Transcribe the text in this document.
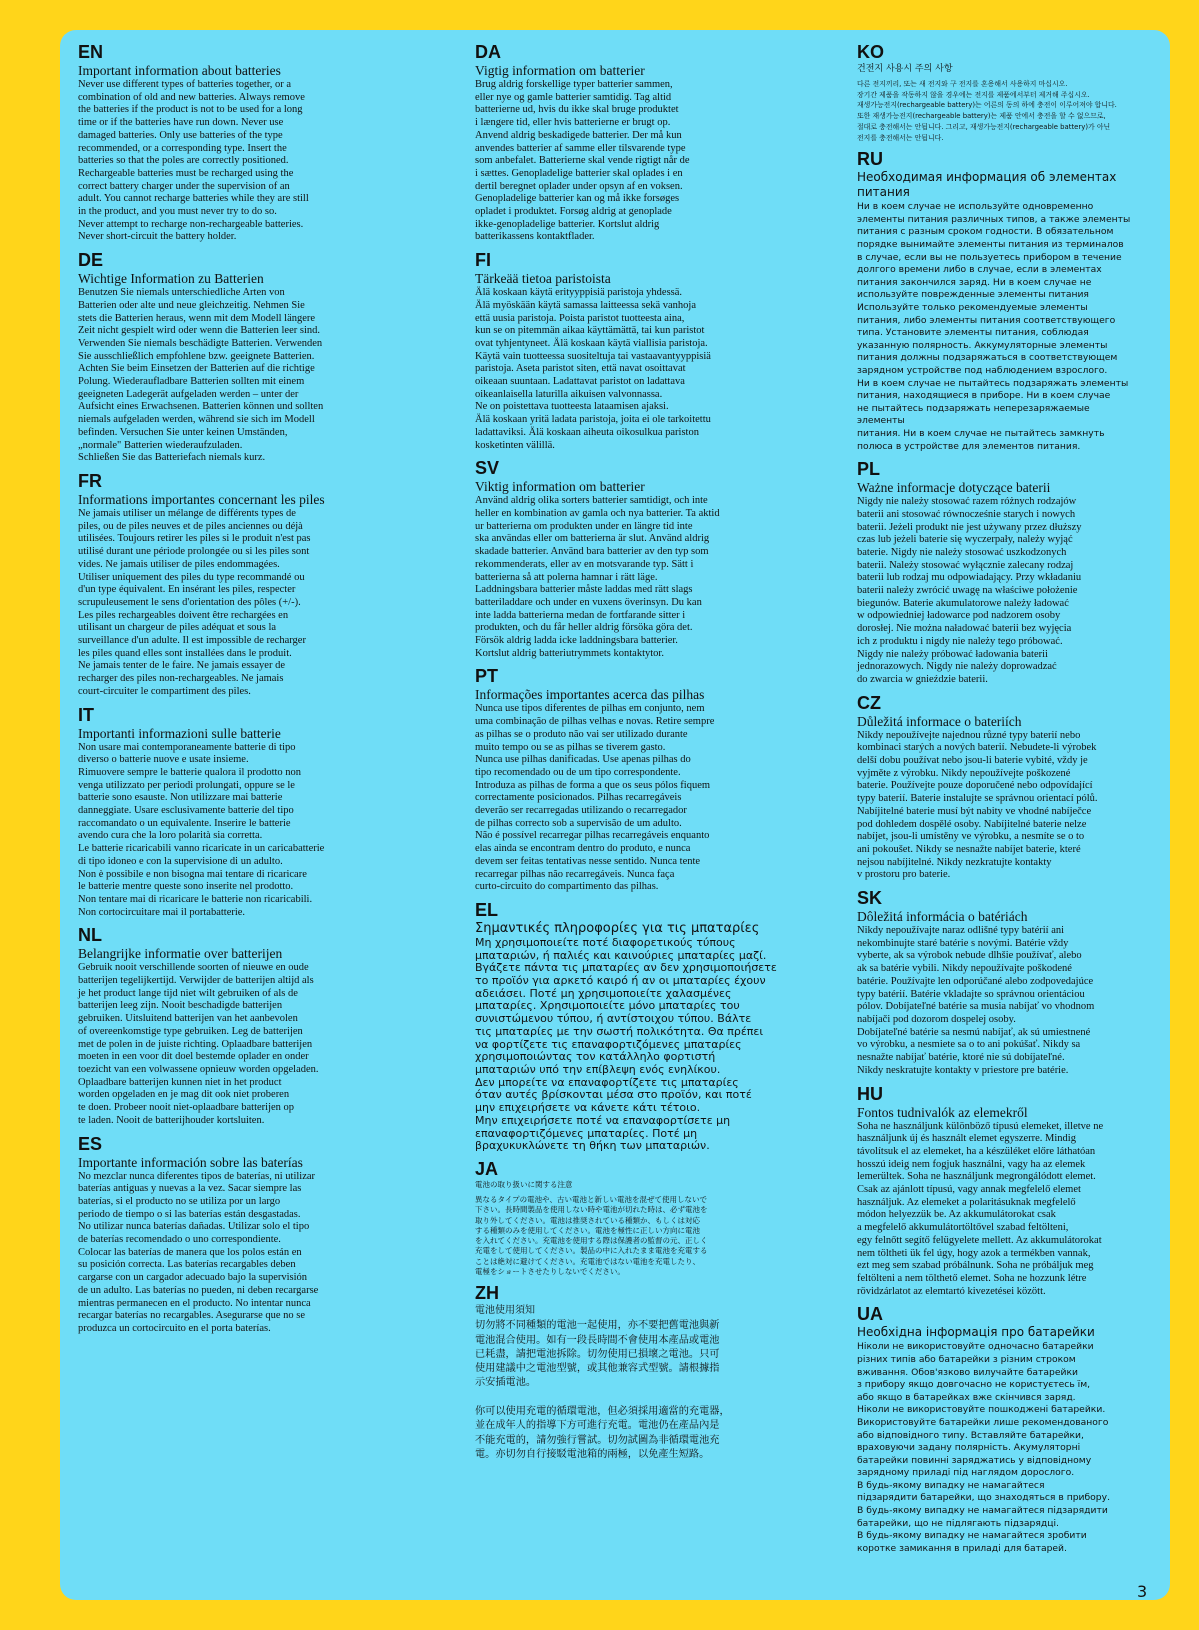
EN
Important information about batteries
Never use different types of batteries together, or a
combination of old and new batteries. Always remove
the batteries if the product is not to be used for a long
time or if the batteries have run down. Never use
damaged batteries. Only use batteries of the type
recommended, or a corresponding type. Insert the
batteries so that the poles are correctly positioned.
Rechargeable batteries must be recharged using the
correct battery charger under the supervision of an
adult. You cannot recharge batteries while they are still
in the product, and you must never try to do so.
Never attempt to recharge non-rechargeable batteries.
Never short-circuit the battery holder.
DE
Wichtige Information zu Batterien
Benutzen Sie niemals unterschiedliche Arten von
Batterien oder alte und neue gleichzeitig. Nehmen Sie
stets die Batterien heraus, wenn mit dem Modell längere
Zeit nicht gespielt wird oder wenn die Batterien leer sind.
Verwenden Sie niemals beschädigte Batterien. Verwenden
Sie ausschließlich empfohlene bzw. geeignete Batterien.
Achten Sie beim Einsetzen der Batterien auf die richtige
Polung. Wiederaufladbare Batterien sollten mit einem
geeigneten Ladegerät aufgeladen werden – unter der
Aufsicht eines Erwachsenen. Batterien können und sollten
niemals aufgeladen werden, während sie sich im Modell
befinden. Versuchen Sie unter keinen Umständen,
„normale" Batterien wiederaufzuladen.
Schließen Sie das Batteriefach niemals kurz.
FR
Informations importantes concernant les piles
Ne jamais utiliser un mélange de différents types de
piles, ou de piles neuves et de piles anciennes ou déjà
utilisées. Toujours retirer les piles si le produit n'est pas
utilisé durant une période prolongée ou si les piles sont
vides. Ne jamais utiliser de piles endommagées.
Utiliser uniquement des piles du type recommandé ou
d'un type équivalent. En insérant les piles, respecter
scrupuleusement le sens d'orientation des pôles (+/-).
Les piles rechargeables doivent être rechargées en
utilisant un chargeur de piles adéquat et sous la
surveillance d'un adulte. Il est impossible de recharger
les piles quand elles sont installées dans le produit.
Ne jamais tenter de le faire. Ne jamais essayer de
recharger des piles non-rechargeables. Ne jamais
court-circuiter le compartiment des piles.
IT
Importanti informazioni sulle batterie
Non usare mai contemporaneamente batterie di tipo
diverso o batterie nuove e usate insieme.
Rimuovere sempre le batterie qualora il prodotto non
venga utilizzato per periodi prolungati, oppure se le
batterie sono esauste. Non utilizzare mai batterie
danneggiate. Usare esclusivamente batterie del tipo
raccomandato o un equivalente. Inserire le batterie
avendo cura che la loro polarità sia corretta.
Le batterie ricaricabili vanno ricaricate in un caricabatterie
di tipo idoneo e con la supervisione di un adulto.
Non è possibile e non bisogna mai tentare di ricaricare
le batterie mentre queste sono inserite nel prodotto.
Non tentare mai di ricaricare le batterie non ricaricabili.
Non cortocircuitare mai il portabatterie.
NL
Belangrijke informatie over batterijen
Gebruik nooit verschillende soorten of nieuwe en oude
batterijen tegelijkertijd. Verwijder de batterijen altijd als
je het product lange tijd niet wilt gebruiken of als de
batterijen leeg zijn. Nooit beschadigde batterijen
gebruiken. Uitsluitend batterijen van het aanbevolen
of overeenkomstige type gebruiken. Leg de batterijen
met de polen in de juiste richting. Oplaadbare batterijen
moeten in een voor dit doel bestemde oplader en onder
toezicht van een volwassene opnieuw worden opgeladen.
Oplaadbare batterijen kunnen niet in het product
worden opgeladen en je mag dit ook niet proberen
te doen. Probeer nooit niet-oplaadbare batterijen op
te laden. Nooit de batterijhouder kortsluiten.
ES
Importante información sobre las baterías
No mezclar nunca diferentes tipos de baterías, ni utilizar
baterías antiguas y nuevas a la vez. Sacar siempre las
baterías, si el producto no se utiliza por un largo
periodo de tiempo o si las baterías están desgastadas.
No utilizar nunca baterías dañadas. Utilizar solo el tipo
de baterías recomendado o uno correspondiente.
Colocar las baterías de manera que los polos están en
su posición correcta. Las baterías recargables deben
cargarse con un cargador adecuado bajo la supervisión
de un adulto. Las baterías no pueden, ni deben recargarse
mientras permanecen en el producto. No intentar nunca
recargar baterías no recargables. Asegurarse que no se
produzca un cortocircuito en el porta baterías.
DA
Vigtig information om batterier
Brug aldrig forskellige typer batterier sammen,
eller nye og gamle batterier samtidig. Tag altid
batterierne ud, hvis du ikke skal bruge produktet
i længere tid, eller hvis batterierne er brugt op.
Anvend aldrig beskadigede batterier. Der må kun
anvendes batterier af samme eller tilsvarende type
som anbefalet. Batterierne skal vende rigtigt når de
i sættes. Genopladelige batterier skal oplades i en
dertil beregnet oplader under opsyn af en voksen.
Genopladelige batterier kan og må ikke forsøges
opladet i produktet. Forsøg aldrig at genoplade
ikke-genopladelige batterier. Kortslut aldrig
batterikassens kontaktflader.
FI
Tärkeää tietoa paristoista
Älä koskaan käytä erityyppisiä paristoja yhdessä.
Älä myöskään käytä samassa laitteessa sekä vanhoja
että uusia paristoja. Poista paristot tuotteesta aina,
kun se on pitemmän aikaa käyttämättä, tai kun paristot
ovat tyhjentyneet. Älä koskaan käytä viallisia paristoja.
Käytä vain tuotteessa suositeltuja tai vastaavantyyppisiä
paristoja. Aseta paristot siten, että navat osoittavat
oikeaan suuntaan. Ladattavat paristot on ladattava
oikeanlaisella laturilla aikuisen valvonnassa.
Ne on poistettava tuotteesta lataamisen ajaksi.
Älä koskaan yritä ladata paristoja, joita ei ole tarkoitettu
ladattaviksi. Älä koskaan aiheuta oikosulkua pariston
kosketinten välillä.
SV
Viktig information om batterier
Använd aldrig olika sorters batterier samtidigt, och inte
heller en kombination av gamla och nya batterier. Ta aktid
ur batterierna om produkten under en längre tid inte
ska användas eller om batterierna är slut. Använd aldrig
skadade batterier. Använd bara batterier av den typ som
rekommenderats, eller av en motsvarande typ. Sätt i
batterierna så att polerna hamnar i rätt läge.
Laddningsbara batterier måste laddas med rätt slags
batteriladdare och under en vuxens överinsyn. Du kan
inte ladda batterierna medan de fortfarande sitter i
produkten, och du får heller aldrig försöka göra det.
Försök aldrig ladda icke laddningsbara batterier.
Kortslut aldrig batteriutrymmets kontaktytor.
PT
Informações importantes acerca das pilhas
Nunca use tipos diferentes de pilhas em conjunto, nem
uma combinação de pilhas velhas e novas. Retire sempre
as pilhas se o produto não vai ser utilizado durante
muito tempo ou se as pilhas se tiverem gasto.
Nunca use pilhas danificadas. Use apenas pilhas do
tipo recomendado ou de um tipo correspondente.
Introduza as pilhas de forma a que os seus pólos fiquem
correctamente posicionados. Pilhas recarregáveis
deverão ser recarregadas utilizando o recarregador
de pilhas correcto sob a supervisão de um adulto.
Não é possível recarregar pilhas recarregáveis enquanto
elas ainda se encontram dentro do produto, e nunca
devem ser feitas tentativas nesse sentido. Nunca tente
recarregar pilhas não recarregáveis. Nunca faça
curto-circuito do compartimento das pilhas.
EL
Σημαντικές πληροφορίες για τις μπαταρίες
Μη χρησιμοποιείτε ποτέ διαφορετικούς τύπους
μπαταριών, ή παλιές και καινούριες μπαταρίες μαζί.
Βγάζετε πάντα τις μπαταρίες αν δεν χρησιμοποιήσετε
το προϊόν για αρκετό καιρό ή αν οι μπαταρίες έχουν
αδειάσει. Ποτέ μη χρησιμοποιείτε χαλασμένες
μπαταρίες. Χρησιμοποιείτε μόνο μπαταρίες του
συνιστώμενου τύπου, ή αντίστοιχου τύπου. Βάλτε
τις μπαταρίες με την σωστή πολικότητα. Θα πρέπει
να φορτίζετε τις επαναφορτιζόμενες μπαταρίες
χρησιμοποιώντας τον κατάλληλο φορτιστή
μπαταριών υπό την επίβλεψη ενός ενηλίκου.
Δεν μπορείτε να επαναφορτίζετε τις μπαταρίες
όταν αυτές βρίσκονται μέσα στο προϊόν, και ποτέ
μην επιχειρήσετε να κάνετε κάτι τέτοιο.
Μην επιχειρήσετε ποτέ να επαναφορτίσετε μη
επαναφορτιζόμενες μπαταρίες. Ποτέ μη
βραχυκυκλώνετε τη θήκη των μπαταριών.
JA
電池の取り扱いに関する注意
異なるタイプの電池や、古い電池と新しい電池を混ぜて使用しないで
下さい。長時間製品を使用しない時や電池が切れた時は、必ず電池を
取り外してください。電池は推奨されている種類か、もしくは対応
する種類のみを使用してください。電池を極性に正しい方向に電池
を入れてください。充電池を使用する際は保護者の監督の元、正しく
充電をして使用してください。製品の中に入れたまま電池を充電する
ことは絶対に避けてください。充電池ではない電池を充電したり、
電極をショートさせたりしないでください。
ZH
電池使用須知
切勿將不同種類的電池一起使用，亦不要把舊電池與新
電池混合使用。如有一段長時間不會使用本產品或電池
已耗盡，請把電池拆除。切勿使用已損壞之電池。只可
使用建議中之電池型號，或其他兼容式型號。請根據指
示安插電池。

你可以使用充電的循環電池，但必須採用適當的充電器，
並在成年人的指導下方可進行充電。電池仍在產品內是
不能充電的，請勿強行嘗試。切勿試圖為非循環電池充
電。亦切勿自行接駁電池箱的兩極，以免產生短路。
KO
건전지 사용시 주의 사항
다른 전지끼리, 또는 새 전지와 구 전지를 혼용해서 사용하지 마십시오.
장기간 제품을 작동하지 않을 경우에는 전지를 제품에서부터 제거해 주십시오.
재생가능전지(rechargeable battery)는 어른의 동의 하에 충전이 이루어져야 합니다.
또한 재생가능전지(rechargeable battery)는 제품 안에서 충전을 할 수 없으므로,
절대로 충전해서는 안됩니다. 그리고, 재생가능전지(rechargeable battery)가 아닌
전지를 충전해서는 안됩니다.
RU
Необходимая информация об элементах питания
Ни в коем случае не используйте одновременно
элементы питания различных типов, а также элементы
питания с разным сроком годности. В обязательном
порядке вынимайте элементы питания из терминалов
в случае, если вы не пользуетесь прибором в течение
долгого времени либо в случае, если в элементах
питания закончился заряд. Ни в коем случае не
используйте поврежденные элементы питания
Используйте только рекомендуемые элементы
питания, либо элементы питания соответствующего
типа. Установите элементы питания, соблюдая
указанную полярность. Аккумуляторные элементы
питания должны подзаряжаться в соответствующем
зарядном устройстве под наблюдением взрослого.
Ни в коем случае не пытайтесь подзаряжать элементы
питания, находящиеся в приборе. Ни в коем случае
не пытайтесь подзаряжать неперезаряжаемые элементы
питания. Ни в коем случае не пытайтесь замкнуть
полюса в устройстве для элементов питания.
PL
Ważne informacje dotyczące baterii
Nigdy nie należy stosować razem różnych rodzajów
baterii ani stosować równocześnie starych i nowych
baterii. Jeżeli produkt nie jest używany przez dłuższy
czas lub jeżeli baterie się wyczerpały, należy wyjąć
baterie. Nigdy nie należy stosować uszkodzonych
baterii. Należy stosować wyłącznie zalecany rodzaj
baterii lub rodzaj mu odpowiadający. Przy wkładaniu
baterii należy zwrócić uwagę na właściwe położenie
biegunów. Baterie akumulatorowe należy ładować
w odpowiedniej ładowarce pod nadzorem osoby
dorosłej. Nie można naładować baterii bez wyjęcia
ich z produktu i nigdy nie należy tego próbować.
Nigdy nie należy próbować ładowania baterii
jednorazowych. Nigdy nie należy doprowadzać
do zwarcia w gnieździe baterii.
CZ
Důležitá informace o bateriích
Nikdy nepoužívejte najednou různé typy baterií nebo
kombinaci starých a nových baterií. Nebudete-li výrobek
delší dobu používat nebo jsou-li baterie vybité, vždy je
vyjměte z výrobku. Nikdy nepoužívejte poškozené
baterie. Používejte pouze doporučené nebo odpovídající
typy baterií. Baterie instalujte se správnou orientací pólů.
Nabíjitelné baterie musí být nabity ve vhodné nabíječce
pod dohledem dospělé osoby. Nabíjitelné baterie nelze
nabíjet, jsou-li umístěny ve výrobku, a nesmíte se o to
ani pokoušet. Nikdy se nesnažte nabíjet baterie, které
nejsou nabíjitelné. Nikdy nezkratujte kontakty
v prostoru pro baterie.
SK
Dôležitá informácia o batériách
Nikdy nepoužívajte naraz odlišné typy batérií ani
nekombinujte staré batérie s novými. Batérie vždy
vyberte, ak sa výrobok nebude dlhšie používať, alebo
ak sa batérie vybili. Nikdy nepoužívajte poškodené
batérie. Používajte len odporúčané alebo zodpovedajúce
typy batérií. Batérie vkladajte so správnou orientáciou
pólov. Dobíjateľné batérie sa musia nabíjať vo vhodnom
nabíjači pod dozorom dospelej osoby.
Dobíjateľné batérie sa nesmú nabíjať, ak sú umiestnené
vo výrobku, a nesmiete sa o to ani pokúšať. Nikdy sa
nesnažte nabíjať batérie, ktoré nie sú dobíjateľné.
Nikdy neskratujte kontakty v priestore pre batérie.
HU
Fontos tudnivalók az elemekről
Soha ne használjunk különböző típusú elemeket, illetve ne
használjunk új és használt elemet egyszerre. Mindig
távolítsuk el az elemeket, ha a készüléket előre láthatóan
hosszú ideig nem fogjuk használni, vagy ha az elemek
lemerültek. Soha ne használjunk megrongálódott elemet.
Csak az ajánlott típusú, vagy annak megfelelő elemet
használjuk. Az elemeket a polaritásuknak megfelelő
módon helyezzük be. Az akkumulátorokat csak
a megfelelő akkumulátortöltővel szabad feltölteni,
egy felnőtt segítő felügyelete mellett. Az akkumulátorokat
nem töltheti ük fel úgy, hogy azok a termékben vannak,
ezt meg sem szabad próbálnunk. Soha ne próbáljuk meg
feltölteni a nem tölthető elemet. Soha ne hozzunk létre
rövidzárlatot az elemtartó kivezetései között.
UA
Необхідна інформація про батарейки
Ніколи не використовуйте одночасно батарейки
різних типів або батарейки з різним строком
вживання. Обов'язково вилучайте батарейки
з прибору якщо довгочасно не користуєтесь їм,
або якщо в батарейках вже скінчився заряд.
Ніколи не використовуйте пошкоджені батарейки.
Використовуйте батарейки лише рекомендованого
або відповідного типу. Вставляйте батарейки,
враховуючи задану полярність. Акумуляторні
батарейки повинні заряджатись у відповідному
зарядному приладі під наглядом дорослого.
В будь-якому випадку не намагайтеся
підзарядити батарейки, що знаходяться в прибору.
В будь-якому випадку не намагайтеся підзарядити
батарейки, що не підлягають підзарядці.
В будь-якому випадку не намагайтеся зробити
коротке замикання в приладі для батарей.
3
